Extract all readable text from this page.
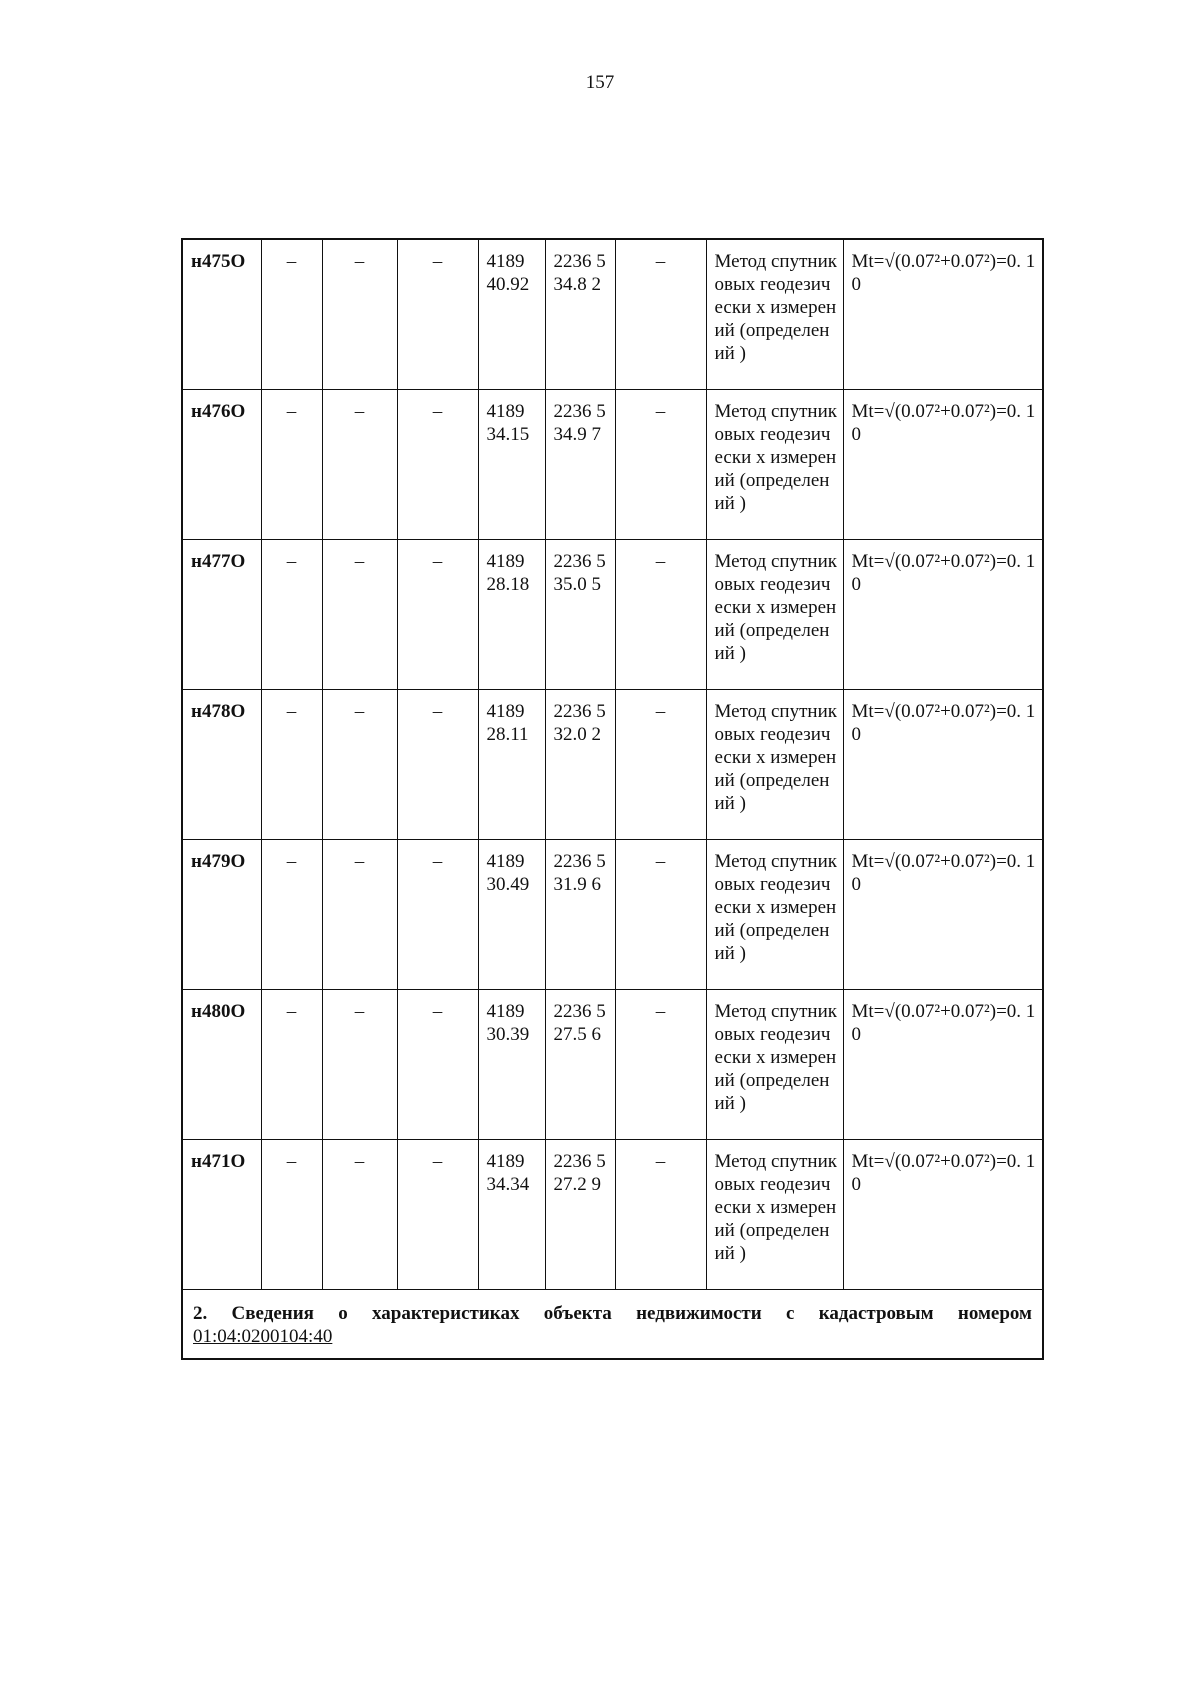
157
н475О	–	–	–	4189 40.92	2236 534.8 2	–	Метод спутниковых геодезически х измерений (определений )	Mt=√(0.07²+0.07²)=0. 10
н476О	–	–	–	4189 34.15	2236 534.9 7	–	Метод спутниковых геодезически х измерений (определений )	Mt=√(0.07²+0.07²)=0. 10
н477О	–	–	–	4189 28.18	2236 535.0 5	–	Метод спутниковых геодезически х измерений (определений )	Mt=√(0.07²+0.07²)=0. 10
н478О	–	–	–	4189 28.11	2236 532.0 2	–	Метод спутниковых геодезически х измерений (определений )	Mt=√(0.07²+0.07²)=0. 10
н479О	–	–	–	4189 30.49	2236 531.9 6	–	Метод спутниковых геодезически х измерений (определений )	Mt=√(0.07²+0.07²)=0. 10
н480О	–	–	–	4189 30.39	2236 527.5 6	–	Метод спутниковых геодезически х измерений (определений )	Mt=√(0.07²+0.07²)=0. 10
н471О	–	–	–	4189 34.34	2236 527.2 9	–	Метод спутниковых геодезически х измерений (определений )	Mt=√(0.07²+0.07²)=0. 10

2. Сведения о характеристиках объекта недвижимости с кадастровым номером
01:04:0200104:40								
